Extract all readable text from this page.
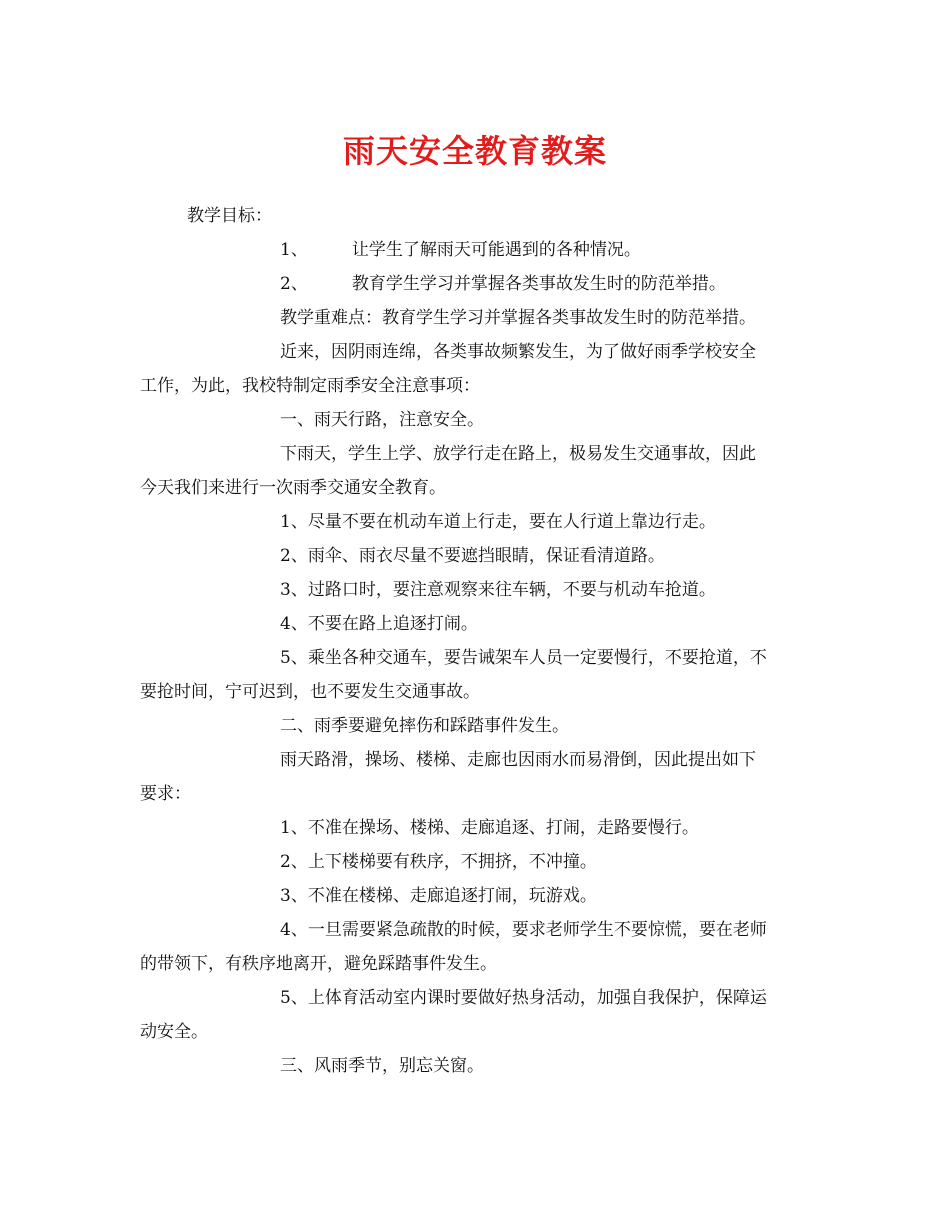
雨天安全教育教案
教学目标：
1、	让学生了解雨天可能遇到的各种情况。
2、	教育学生学习并掌握各类事故发生时的防范举措。
教学重难点：教育学生学习并掌握各类事故发生时的防范举措。
近来，因阴雨连绵，各类事故频繁发生，为了做好雨季学校安全
工作，为此，我校特制定雨季安全注意事项：
一、雨天行路，注意安全。
下雨天，学生上学、放学行走在路上，极易发生交通事故，因此
今天我们来进行一次雨季交通安全教育。
1、尽量不要在机动车道上行走，要在人行道上靠边行走。
2、雨伞、雨衣尽量不要遮挡眼睛，保证看清道路。
3、过路口时，要注意观察来往车辆，不要与机动车抢道。
4、不要在路上追逐打闹。
5、乘坐各种交通车，要告诫架车人员一定要慢行，不要抢道，不
要抢时间，宁可迟到，也不要发生交通事故。
二、雨季要避免摔伤和踩踏事件发生。
雨天路滑，操场、楼梯、走廊也因雨水而易滑倒，因此提出如下
要求：
1、不准在操场、楼梯、走廊追逐、打闹，走路要慢行。
2、上下楼梯要有秩序，不拥挤，不冲撞。
3、不准在楼梯、走廊追逐打闹，玩游戏。
4、一旦需要紧急疏散的时候，要求老师学生不要惊慌，要在老师
的带领下，有秩序地离开，避免踩踏事件发生。
5、上体育活动室内课时要做好热身活动，加强自我保护，保障运
动安全。
三、风雨季节，别忘关窗。
